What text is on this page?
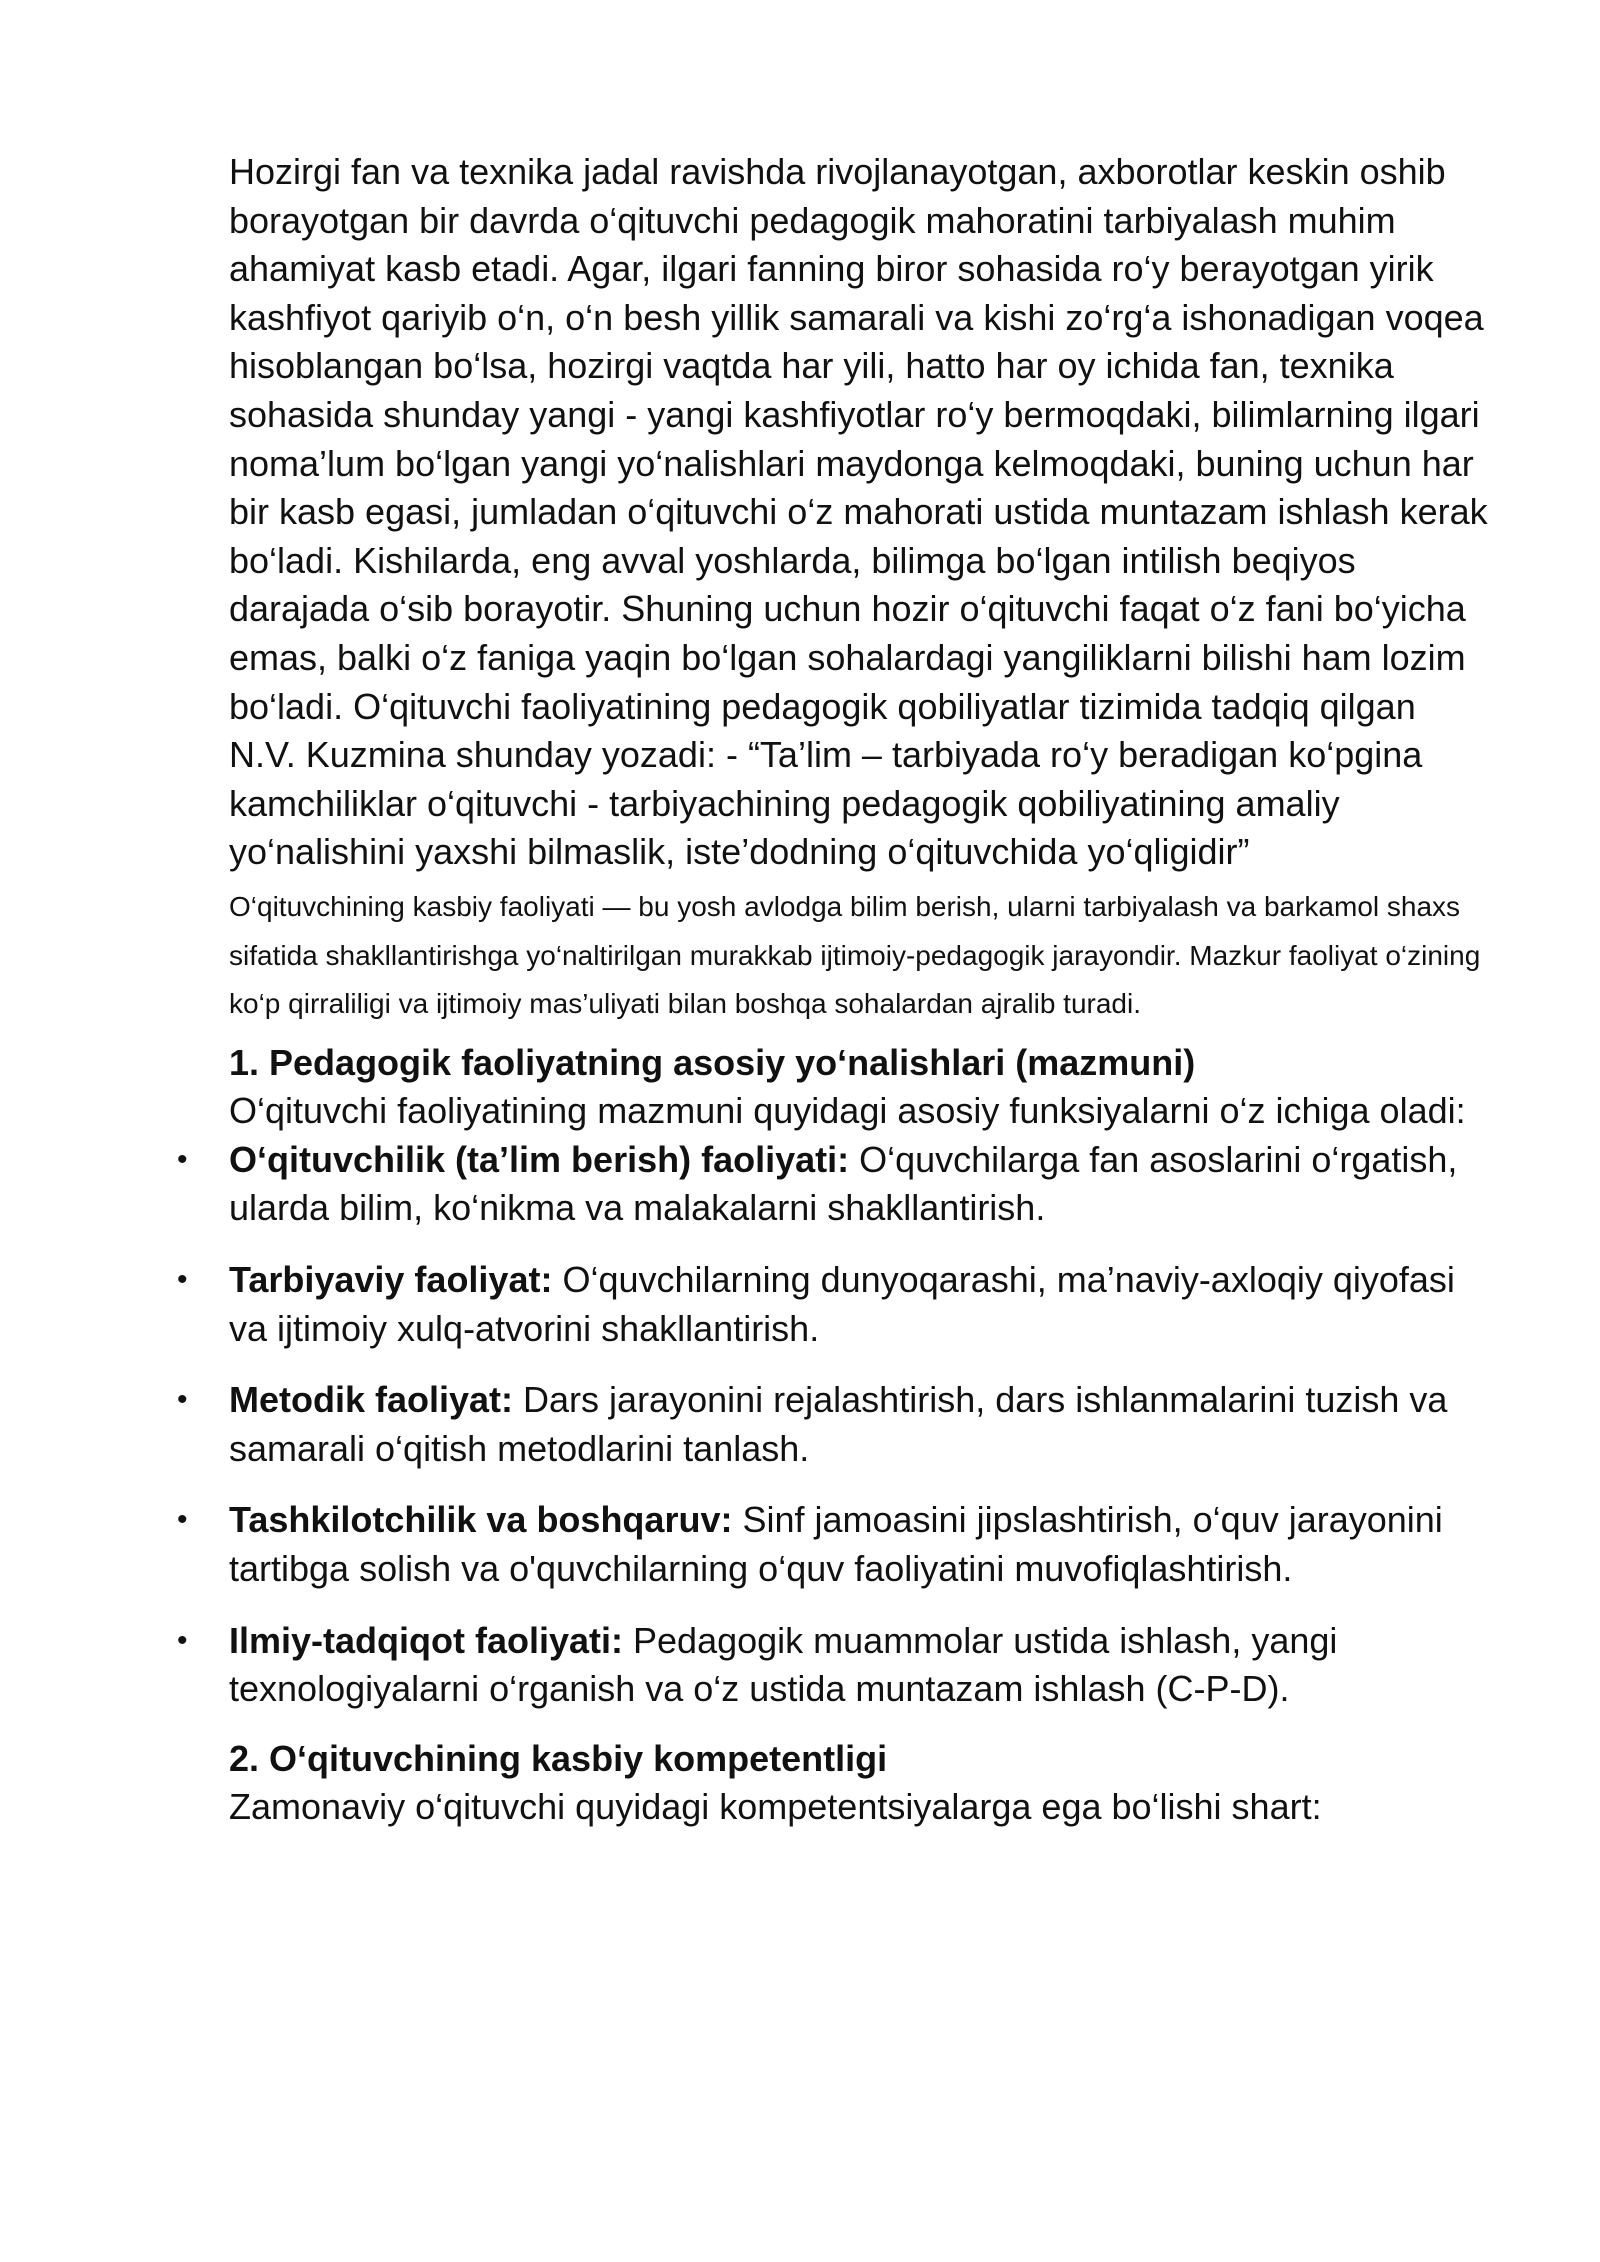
Hozirgi fan va texnika jadal ravishda rivojlanayotgan, axborotlar keskin oshib borayotgan bir davrda o‘qituvchi pedagogik mahoratini tarbiyalash muhim ahamiyat kasb etadi. Agar, ilgari fanning biror sohasida ro‘y berayotgan yirik kashfiyot qariyib o‘n, o‘n besh yillik samarali va kishi zo‘rg‘a ishonadigan voqea hisoblangan bo‘lsa, hozirgi vaqtda har yili, hatto har oy ichida fan, texnika sohasida shunday yangi - yangi kashfiyotlar ro‘y bermoqdaki, bilimlarning ilgari noma’lum bo‘lgan yangi yo‘nalishlari maydonga kelmoqdaki, buning uchun har bir kasb egasi, jumladan o‘qituvchi o‘z mahorati ustida muntazam ishlash kerak bo‘ladi. Kishilarda, eng avval yoshlarda, bilimga bo‘lgan intilish beqiyos darajada o‘sib borayotir. Shuning uchun hozir o‘qituvchi faqat o‘z fani bo‘yicha emas, balki o‘z faniga yaqin bo‘lgan sohalardagi yangiliklarni bilishi ham lozim bo‘ladi. O‘qituvchi faoliyatining pedagogik qobiliyatlar tizimida tadqiq qilgan N.V. Kuzmina shunday yozadi: - “Ta’lim – tarbiyada ro‘y beradigan ko‘pgina kamchiliklar o‘qituvchi - tarbiyachining pedagogik qobiliyatining amaliy yo‘nalishini yaxshi bilmaslik, iste’dodning o‘qituvchida yo‘qligidir”

O‘qituvchining kasbiy faoliyati — bu yosh avlodga bilim berish, ularni tarbiyalash va barkamol shaxs sifatida shakllantirishga yo‘naltirilgan murakkab ijtimoiy-pedagogik jarayondir. Mazkur faoliyat o‘zining ko‘p qirraliligi va ijtimoiy mas’uliyati bilan boshqa sohalardan ajralib turadi.

1. Pedagogik faoliyatning asosiy yo‘nalishlari (mazmuni)

O‘qituvchi faoliyatining mazmuni quyidagi asosiy funksiyalarni o‘z ichiga oladi:

• O‘qituvchilik (ta’lim berish) faoliyati: O‘quvchilarga fan asoslarini o‘rgatish, ularda bilim, ko‘nikma va malakalarni shakllantirish.
• Tarbiyaviy faoliyat: O‘quvchilarning dunyoqarashi, ma’naviy-axloqiy qiyofasi va ijtimoiy xulq-atvorini shakllantirish.
• Metodik faoliyat: Dars jarayonini rejalashtirish, dars ishlanmalarini tuzish va samarali o‘qitish metodlarini tanlash.
• Tashkilotchilik va boshqaruv: Sinf jamoasini jipslashtirish, o‘quv jarayonini tartibga solish va o'quvchilarning o‘quv faoliyatini muvofiqlashtirish.
• Ilmiy-tadqiqot faoliyati: Pedagogik muammolar ustida ishlash, yangi texnologiyalarni o‘rganish va o‘z ustida muntazam ishlash (C-P-D).
2. O‘qituvchining kasbiy kompetentligi

Zamonaviy o‘qituvchi quyidagi kompetentsiyalarga ega bo‘lishi shart:
